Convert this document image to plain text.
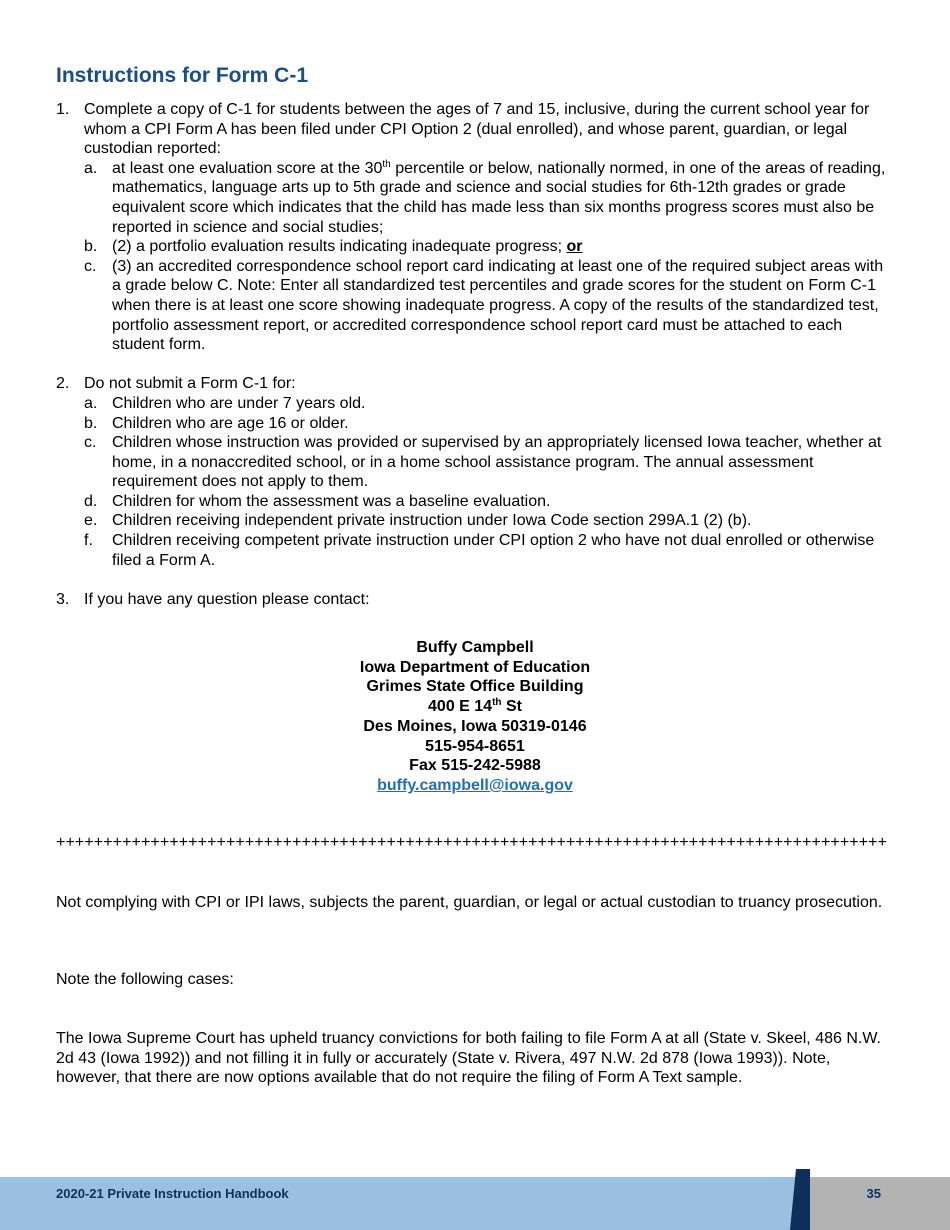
Instructions for Form C-1
1. Complete a copy of C-1 for students between the ages of 7 and 15, inclusive, during the current school year for whom a CPI Form A has been filed under CPI Option 2 (dual enrolled), and whose parent, guardian, or legal custodian reported:
a. at least one evaluation score at the 30th percentile or below, nationally normed, in one of the areas of reading, mathematics, language arts up to 5th grade and science and social studies for 6th-12th grades or grade equivalent score which indicates that the child has made less than six months progress scores must also be reported in science and social studies;
b. (2) a portfolio evaluation results indicating inadequate progress; or
c. (3) an accredited correspondence school report card indicating at least one of the required subject areas with a grade below C. Note: Enter all standardized test percentiles and grade scores for the student on Form C-1 when there is at least one score showing inadequate progress. A copy of the results of the standardized test, portfolio assessment report, or accredited correspondence school report card must be attached to each student form.
2. Do not submit a Form C-1 for:
a. Children who are under 7 years old.
b. Children who are age 16 or older.
c. Children whose instruction was provided or supervised by an appropriately licensed Iowa teacher, whether at home, in a nonaccredited school, or in a home school assistance program. The annual assessment requirement does not apply to them.
d. Children for whom the assessment was a baseline evaluation.
e. Children receiving independent private instruction under Iowa Code section 299A.1 (2) (b).
f.	Children receiving competent private instruction under CPI option 2 who have not dual enrolled or otherwise filed a Form A.
3. If you have any question please contact:
Buffy Campbell
Iowa Department of Education
Grimes State Office Building
400 E 14th St
Des Moines, Iowa 50319-0146
515-954-8651
Fax 515-242-5988
buffy.campbell@iowa.gov
++++++++++++++++++++++++++++++++++++++++++++++++++++++++++++++++++++++++++++++++++++++++

Not complying with CPI or IPI laws, subjects the parent, guardian, or legal or actual custodian to truancy prosecution.

Note the following cases:

The Iowa Supreme Court has upheld truancy convictions for both failing to file Form A at all (State v. Skeel, 486 N.W. 2d 43 (Iowa 1992)) and not filling it in fully or accurately (State v. Rivera, 497 N.W. 2d 878 (Iowa 1993)). Note, however, that there are now options available that do not require the filing of Form A Text sample.

2020-21 Private Instruction Handbook	35
